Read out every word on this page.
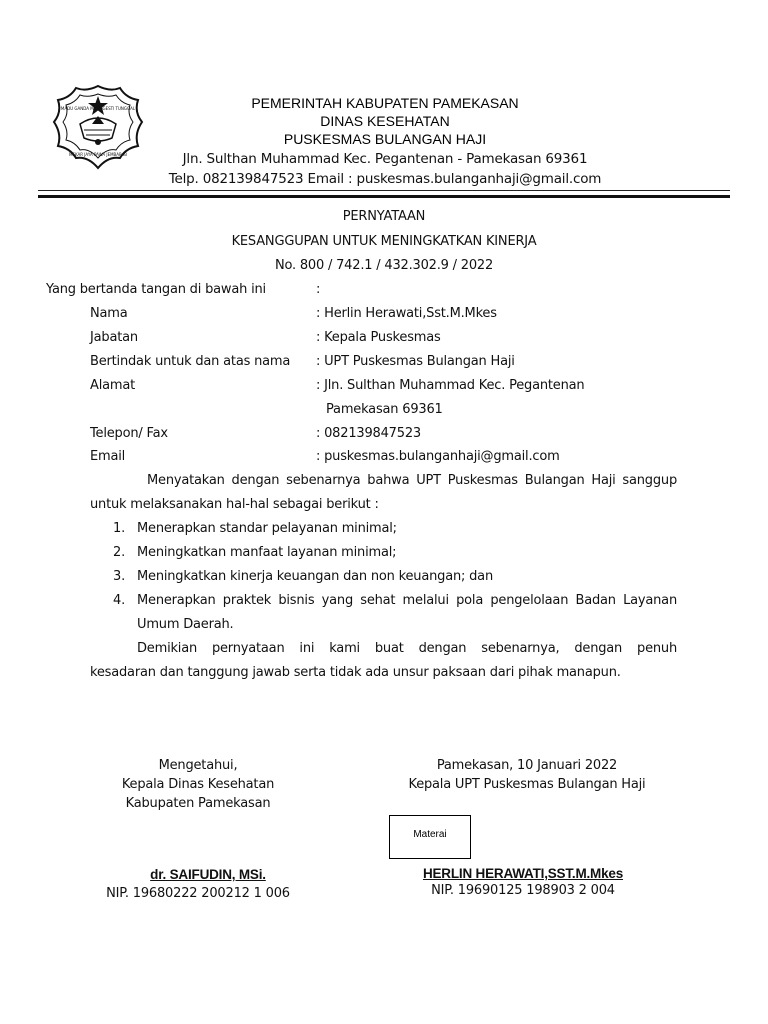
MADU GANDA MANGGESTI TUNGGAL
MEKAR JAYA PAWA JEMBAR IB
PEMERINTAH KABUPATEN PAMEKASAN
DINAS KESEHATAN
PUSKESMAS BULANGAN HAJI
Jln. Sulthan Muhammad Kec. Pegantenan - Pamekasan 69361
Telp. 082139847523 Email : puskesmas.bulanganhaji@gmail.com
PERNYATAAN
KESANGGUPAN UNTUK MENINGKATKAN KINERJA
No. 800 / 742.1 / 432.302.9 / 2022
Yang bertanda tangan di bawah ini	:
Nama	: Herlin Herawati,Sst.M.Mkes
Jabatan	: Kepala Puskesmas
Bertindak untuk dan atas nama : UPT Puskesmas Bulangan Haji
Alamat	: Jln. Sulthan Muhammad Kec. Pegantenan
Pamekasan 69361
Telepon/ Fax	: 082139847523
Email	: puskesmas.bulanganhaji@gmail.com
Menyatakan dengan sebenarnya bahwa UPT Puskesmas Bulangan Haji sanggup
untuk melaksanakan hal-hal sebagai berikut :
1. Menerapkan standar pelayanan minimal;
2. Meningkatkan manfaat layanan minimal;
3. Meningkatkan kinerja keuangan dan non keuangan; dan
4. Menerapkan praktek bisnis yang sehat melalui pola pengelolaan Badan Layanan
Umum Daerah.
Demikian pernyataan ini kami buat dengan sebenarnya, dengan penuh
kesadaran dan tanggung jawab serta tidak ada unsur paksaan dari pihak manapun.
Mengetahui,
Kepala Dinas Kesehatan
Kabupaten Pamekasan
dr. SAIFUDIN, MSi.
NIP. 19680222 200212 1 006
Pamekasan, 10 Januari 2022
Kepala UPT Puskesmas Bulangan Haji
Materai
HERLIN HERAWATI,SST.M.Mkes
NIP. 19690125 198903 2 004
